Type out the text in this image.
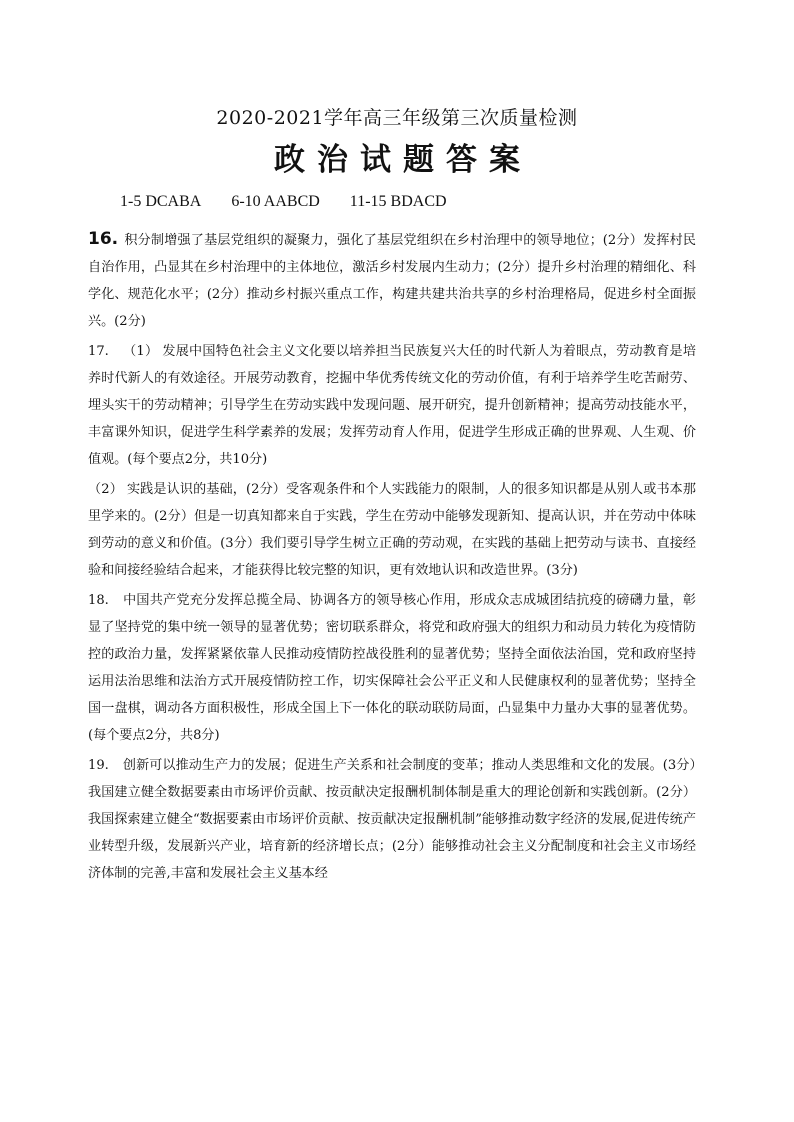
2020-2021学年高三年级第三次质量检测
政治试题答案
1-5 DCABA 6-10 AABCD 11-15 BDACD

16. 积分制增强了基层党组织的凝聚力，强化了基层党组织在乡村治理中的领导地位；(2分）发挥村民自治作用，凸显其在乡村治理中的主体地位，激活乡村发展内生动力；(2分）提升乡村治理的精细化、科学化、规范化水平；(2分）推动乡村振兴重点工作，构建共建共治共享的乡村治理格局，促进乡村全面振兴。(2分)

17. （1） 发展中国特色社会主义文化要以培养担当民族复兴大任的时代新人为着眼点，劳动教育是培养时代新人的有效途径。开展劳动教育，挖掘中华优秀传统文化的劳动价值，有利于培养学生吃苦耐劳、埋头实干的劳动精神；引导学生在劳动实践中发现问题、展开研究，提升创新精神；提高劳动技能水平，丰富课外知识，促进学生科学素养的发展；发挥劳动育人作用，促进学生形成正确的世界观、人生观、价值观。(每个要点2分，共10分)

（2） 实践是认识的基础，(2分）受客观条件和个人实践能力的限制，人的很多知识都是从别人或书本那里学来的。(2分）但是一切真知都来自于实践，学生在劳动中能够发现新知、提高认识，并在劳动中体味到劳动的意义和价值。(3分）我们要引导学生树立正确的劳动观，在实践的基础上把劳动与读书、直接经验和间接经验结合起来，才能获得比较完整的知识，更有效地认识和改造世界。(3分)

18. 中国共产党充分发挥总揽全局、协调各方的领导核心作用，形成众志成城团结抗疫的磅礴力量，彰显了坚持党的集中统一领导的显著优势；密切联系群众，将党和政府强大的组织力和动员力转化为疫情防控的政治力量，发挥紧紧依靠人民推动疫情防控战役胜利的显著优势；坚持全面依法治国，党和政府坚持运用法治思维和法治方式开展疫情防控工作，切实保障社会公平正义和人民健康权利的显著优势；坚持全国一盘棋，调动各方面积极性，形成全国上下一体化的联动联防局面，凸显集中力量办大事的显著优势。(每个要点2分，共8分)

19. 创新可以推动生产力的发展；促进生产关系和社会制度的变革；推动人类思维和文化的发展。(3分）我国建立健全数据要素由市场评价贡献、按贡献决定报酬机制体制是重大的理论创新和实践创新。(2分）我国探索建立健全“数据要素由市场评价贡献、按贡献决定报酬机制”能够推动数字经济的发展,促进传统产业转型升级，发展新兴产业，培育新的经济增长点；(2分）能够推动社会主义分配制度和社会主义市场经济体制的完善,丰富和发展社会主义基本经
